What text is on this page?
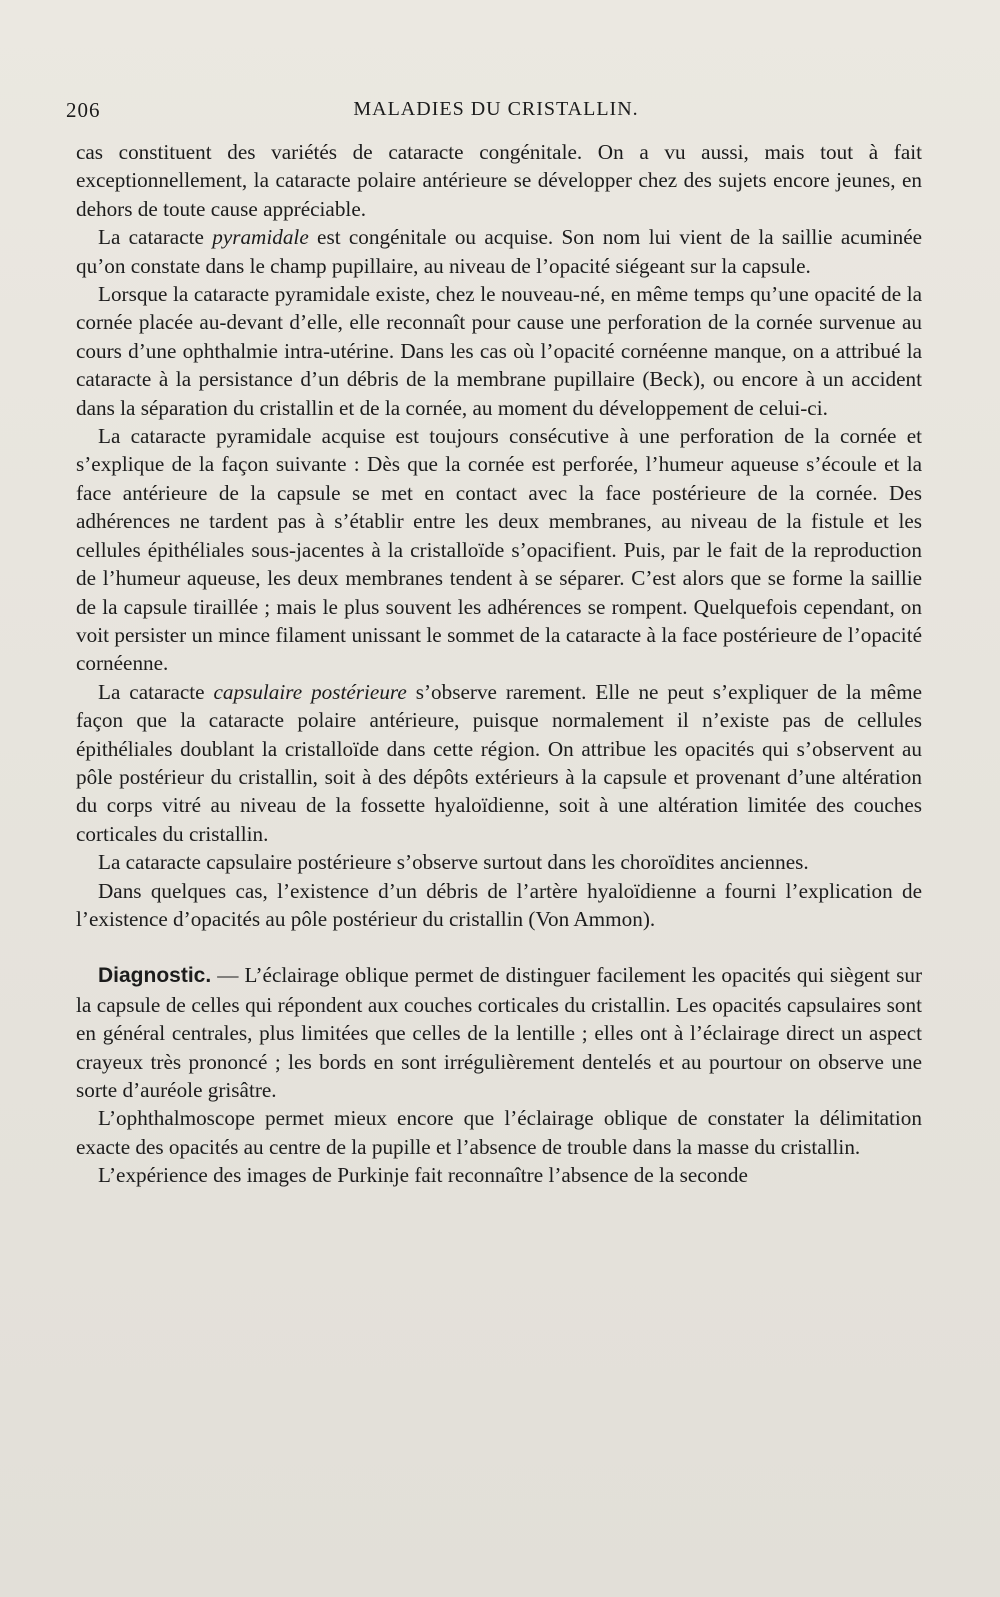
206	MALADIES DU CRISTALLIN.

cas constituent des variétés de cataracte congénitale. On a vu aussi, mais tout à fait exceptionnellement, la cataracte polaire antérieure se développer chez des sujets encore jeunes, en dehors de toute cause appréciable.

La cataracte pyramidale est congénitale ou acquise. Son nom lui vient de la saillie acuminée qu’on constate dans le champ pupillaire, au niveau de l’opacité siégeant sur la capsule.

Lorsque la cataracte pyramidale existe, chez le nouveau-né, en même temps qu’une opacité de la cornée placée au-devant d’elle, elle reconnaît pour cause une perforation de la cornée survenue au cours d’une ophthalmie intra-utérine. Dans les cas où l’opacité cornéenne manque, on a attribué la cataracte à la persistance d’un débris de la membrane pupillaire (Beck), ou encore à un accident dans la séparation du cristallin et de la cornée, au moment du développement de celui-ci.

La cataracte pyramidale acquise est toujours consécutive à une perforation de la cornée et s’explique de la façon suivante : Dès que la cornée est perforée, l’humeur aqueuse s’écoule et la face antérieure de la capsule se met en contact avec la face postérieure de la cornée. Des adhérences ne tardent pas à s’établir entre les deux membranes, au niveau de la fistule et les cellules épithéliales sous-jacentes à la cristalloïde s’opacifient. Puis, par le fait de la reproduction de l’humeur aqueuse, les deux membranes tendent à se séparer. C’est alors que se forme la saillie de la capsule tiraillée ; mais le plus souvent les adhérences se rompent. Quelquefois cependant, on voit persister un mince filament unissant le sommet de la cataracte à la face postérieure de l’opacité cornéenne.

La cataracte capsulaire postérieure s’observe rarement. Elle ne peut s’expliquer de la même façon que la cataracte polaire antérieure, puisque normalement il n’existe pas de cellules épithéliales doublant la cristalloïde dans cette région. On attribue les opacités qui s’observent au pôle postérieur du cristallin, soit à des dépôts extérieurs à la capsule et provenant d’une altération du corps vitré au niveau de la fossette hyaloïdienne, soit à une altération limitée des couches corticales du cristallin.

La cataracte capsulaire postérieure s’observe surtout dans les choroïdites anciennes.

Dans quelques cas, l’existence d’un débris de l’artère hyaloïdienne a fourni l’explication de l’existence d’opacités au pôle postérieur du cristallin (Von Ammon).

Diagnostic. — L’éclairage oblique permet de distinguer facilement les opacités qui siègent sur la capsule de celles qui répondent aux couches corticales du cristallin. Les opacités capsulaires sont en général centrales, plus limitées que celles de la lentille ; elles ont à l’éclairage direct un aspect crayeux très prononcé ; les bords en sont irrégulièrement dentelés et au pourtour on observe une sorte d’auréole grisâtre.

L’ophthalmoscope permet mieux encore que l’éclairage oblique de constater la délimitation exacte des opacités au centre de la pupille et l’absence de trouble dans la masse du cristallin.

L’expérience des images de Purkinje fait reconnaître l’absence de la seconde
